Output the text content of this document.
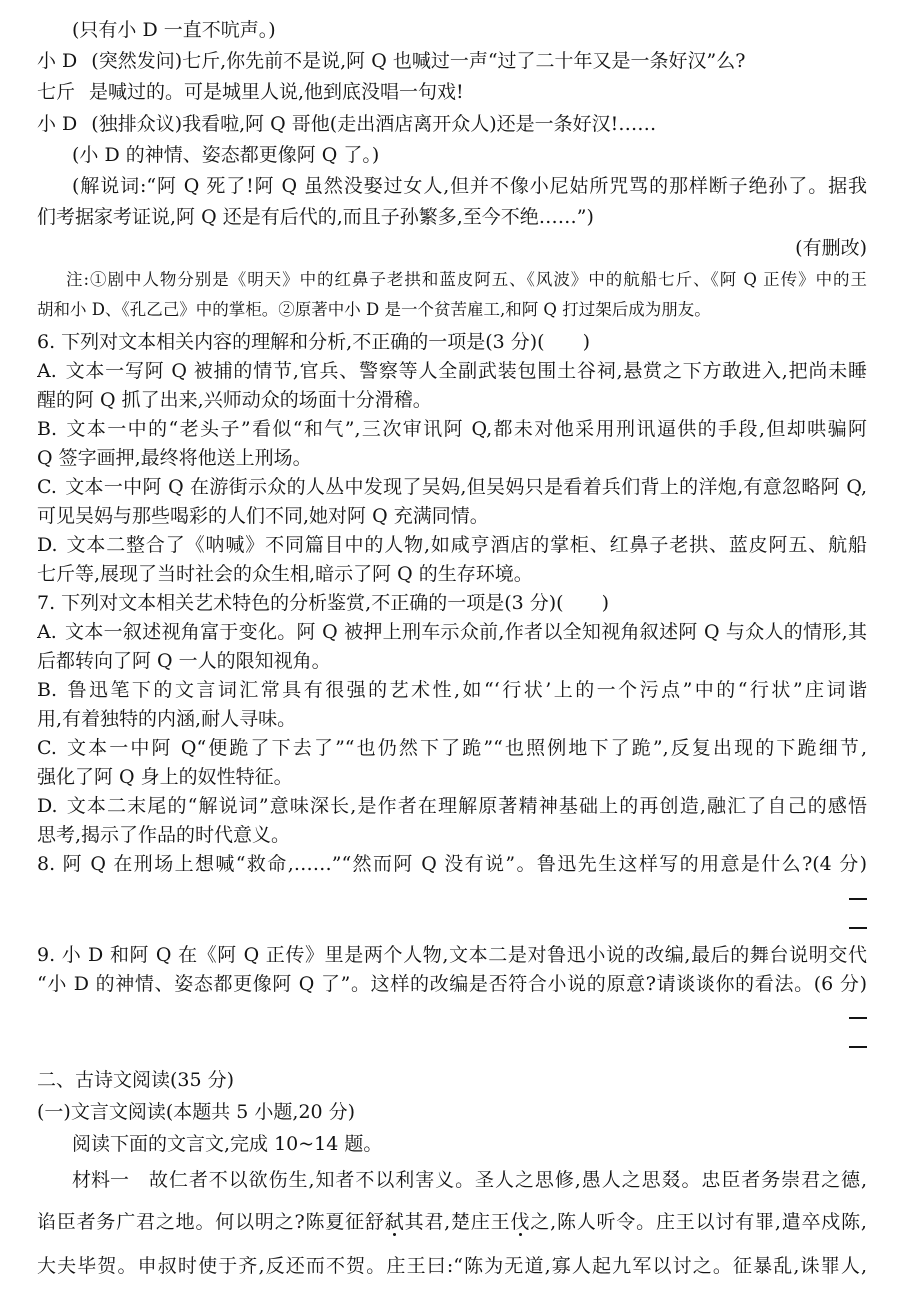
(只有小 D 一直不吭声。)
小 D (突然发问)七斤,你先前不是说,阿 Q 也喊过一声“过了二十年又是一条好汉”么?
七斤 是喊过的。可是城里人说,他到底没唱一句戏!
小 D (独排众议)我看啦,阿 Q 哥他(走出酒店离开众人)还是一条好汉!……
(小 D 的神情、姿态都更像阿 Q 了。)
(解说词:“阿 Q 死了!阿 Q 虽然没娶过女人,但并不像小尼姑所咒骂的那样断子绝孙了。据我
们考据家考证说,阿 Q 还是有后代的,而且子孙繁多,至今不绝……”)
(有删改)
注:①剧中人物分别是《明天》中的红鼻子老拱和蓝皮阿五、《风波》中的航船七斤、《阿 Q 正传》中的王
胡和小 D、《孔乙己》中的掌柜。②原著中小 D 是一个贫苦雇工,和阿 Q 打过架后成为朋友。
6. 下列对文本相关内容的理解和分析,不正确的一项是(3 分)(　　)
A. 文本一写阿 Q 被捕的情节,官兵、警察等人全副武装包围土谷祠,悬赏之下方敢进入,把尚未睡
醒的阿 Q 抓了出来,兴师动众的场面十分滑稽。
B. 文本一中的“老头子”看似“和气”,三次审讯阿 Q,都未对他采用刑讯逼供的手段,但却哄骗阿
Q 签字画押,最终将他送上刑场。
C. 文本一中阿 Q 在游街示众的人丛中发现了吴妈,但吴妈只是看着兵们背上的洋炮,有意忽略阿 Q,
可见吴妈与那些喝彩的人们不同,她对阿 Q 充满同情。
D. 文本二整合了《呐喊》不同篇目中的人物,如咸亨酒店的掌柜、红鼻子老拱、蓝皮阿五、航船
七斤等,展现了当时社会的众生相,暗示了阿 Q 的生存环境。
7. 下列对文本相关艺术特色的分析鉴赏,不正确的一项是(3 分)(　　)
A. 文本一叙述视角富于变化。阿 Q 被押上刑车示众前,作者以全知视角叙述阿 Q 与众人的情形,其
后都转向了阿 Q 一人的限知视角。
B. 鲁迅笔下的文言词汇常具有很强的艺术性,如“‘行状’上的一个污点”中的“行状”庄词谐
用,有着独特的内涵,耐人寻味。
C. 文本一中阿 Q“便跪了下去了”“也仍然下了跪”“也照例地下了跪”,反复出现的下跪细节,
强化了阿 Q 身上的奴性特征。
D. 文本二末尾的“解说词”意味深长,是作者在理解原著精神基础上的再创造,融汇了自己的感悟
思考,揭示了作品的时代意义。
8. 阿 Q 在刑场上想喊“救命,……”“然而阿 Q 没有说”。鲁迅先生这样写的用意是什么?(4 分)
9. 小 D 和阿 Q 在《阿 Q 正传》里是两个人物,文本二是对鲁迅小说的改编,最后的舞台说明交代
“小 D 的神情、姿态都更像阿 Q 了”。这样的改编是否符合小说的原意?请谈谈你的看法。(6 分)
二、古诗文阅读(35 分)
(一)文言文阅读(本题共 5 小题,20 分)
阅读下面的文言文,完成 10~14 题。
材料一 故仁者不以欲伤生,知者不以利害义。圣人之思修,愚人之思叕。忠臣者务崇君之德,
谄臣者务广君之地。何以明之?陈夏征舒弑其君,楚庄王伐之,陈人听令。庄王以讨有罪,遣卒戍陈,
大夫毕贺。申叔时使于齐,反还而不贺。庄王曰:“陈为无道,寡人起九军以讨之。征暴乱,诛罪人,
